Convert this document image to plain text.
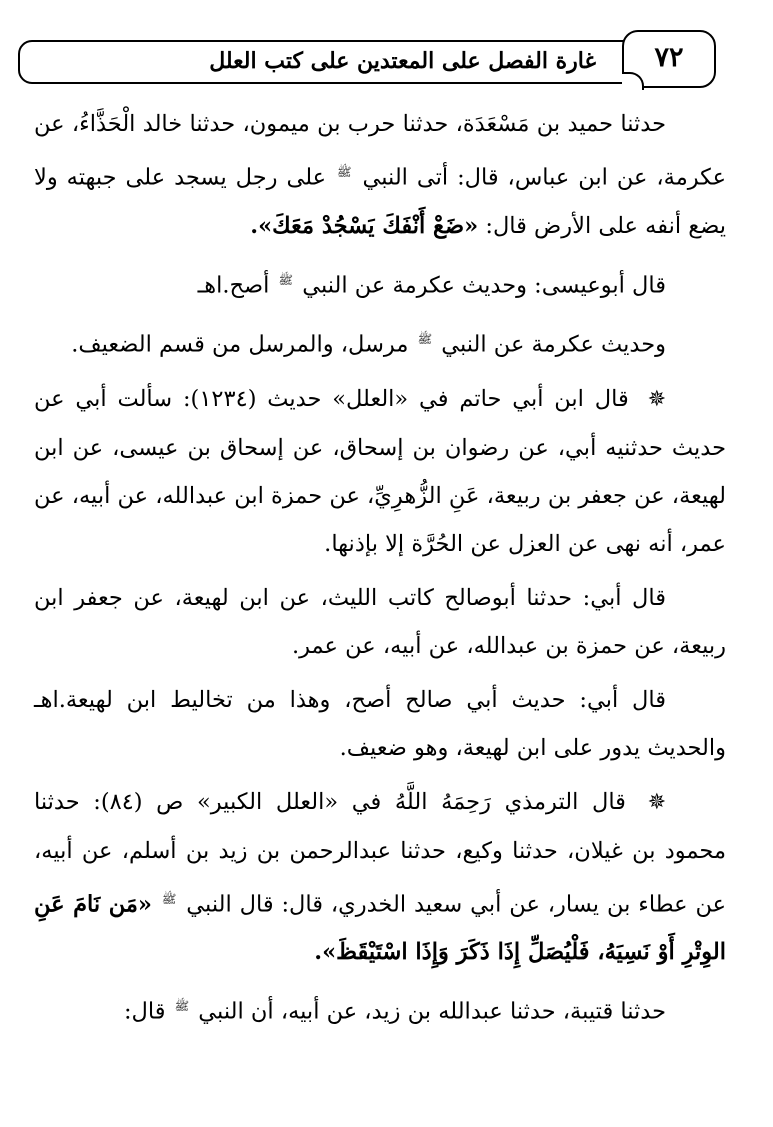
غارة الفصل على المعتدين على كتب العلل	٧٢

حدثنا حميد بن مَسْعَدَة، حدثنا حرب بن ميمون، حدثنا خالد الْحَذَّاءُ، عن عكرمة، عن ابن عباس، قال: أتى النبي $^ﷺ$ على رجل يسجد على جبهته ولا يضع أنفه على الأرض قال: «ضَعْ أَنْفَكَ يَسْجُدْ مَعَكَ».

قال أبوعيسى: وحديث عكرمة عن النبي $^ﷺ$ أصح.اهـ

وحديث عكرمة عن النبي $^ﷺ$ مرسل، والمرسل من قسم الضعيف.

✵ قال ابن أبي حاتم في «العلل» حديث (١٢٣٤): سألت أبي عن حديث حدثنيه أبي، عن رضوان بن إسحاق، عن إسحاق بن عيسى، عن ابن لهيعة، عن جعفر بن ربيعة، عَنِ الزُّهرِيِّ، عن حمزة ابن عبدالله، عن أبيه، عن عمر، أنه نهى عن العزل عن الحُرَّة إلا بإذنها.

قال أبي: حدثنا أبوصالح كاتب الليث، عن ابن لهيعة، عن جعفر ابن ربيعة، عن حمزة بن عبدالله، عن أبيه، عن عمر.

قال أبي: حديث أبي صالح أصح، وهذا من تخاليط ابن لهيعة.اهـ والحديث يدور على ابن لهيعة، وهو ضعيف.

✵ قال الترمذي رَحِمَهُ اللَّهُ في «العلل الكبير» ص (٨٤): حدثنا محمود بن غيلان، حدثنا وكيع، حدثنا عبدالرحمن بن زيد بن أسلم، عن أبيه، عن عطاء بن يسار، عن أبي سعيد الخدري، قال: قال النبي $^ﷺ$ «مَن نَامَ عَنِ الوِتْرِ أَوْ نَسِيَهُ، فَلْيُصَلِّ إِذَا ذَكَرَ وَإِذَا اسْتَيْقَظَ».

حدثنا قتيبة، حدثنا عبدالله بن زيد، عن أبيه، أن النبي $^ﷺ$ قال:
